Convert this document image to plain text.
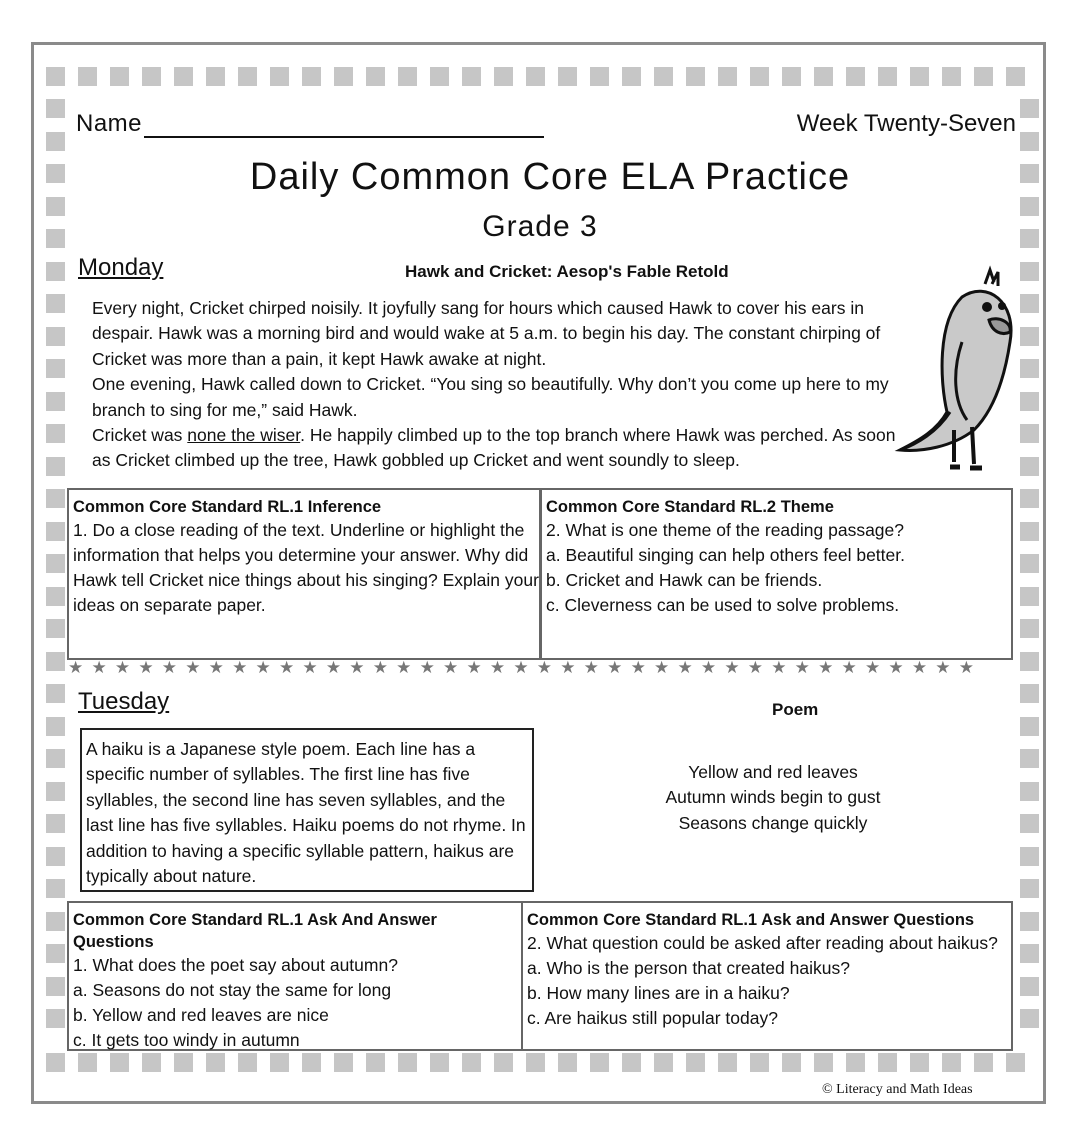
Name	Week Twenty-Seven
Daily Common Core ELA Practice
Grade 3
Monday	Hawk and Cricket: Aesop's Fable Retold

Every night, Cricket chirped noisily. It joyfully sang for hours which caused Hawk to cover his ears in despair. Hawk was a morning bird and would wake at 5 a.m. to begin his day. The constant chirping of Cricket was more than a pain, it kept Hawk awake at night.

One evening, Hawk called down to Cricket. “You sing so beautifully. Why don’t you come up here to my branch to sing for me,” said Hawk.

Cricket was none the wiser. He happily climbed up to the top branch where Hawk was perched. As soon as Cricket climbed up the tree, Hawk gobbled up Cricket and went soundly to sleep.

Common Core Standard RL.1 Inference
1. Do a close reading of the text. Underline or highlight the
information that helps you determine your answer. Why did
Hawk tell Cricket nice things about his singing? Explain your
ideas on separate paper.
Common Core Standard RL.2 Theme
2. What is one theme of the reading passage?
a. Beautiful singing can help others feel better.
b. Cricket and Hawk can be friends.
c. Cleverness can be used to solve problems.
★★★★★★★★★★★★★★★★★★★★★★★★★★★★★★★★★★★★★★★
Tuesday	Poem
A haiku is a Japanese style poem. Each line has a specific number of syllables. The first line has five syllables, the second line has seven syllables, and the last line has five syllables. Haiku poems do not rhyme. In addition to having a specific syllable pattern, haikus are typically about nature.
Yellow and red leaves
Autumn winds begin to gust
Seasons change quickly
Common Core Standard RL.1 Ask And Answer Questions
1. What does the poet say about autumn?
a. Seasons do not stay the same for long
b. Yellow and red leaves are nice
c. It gets too windy in autumn
Common Core Standard RL.1 Ask and Answer Questions
2. What question could be asked after reading about haikus?
a. Who is the person that created haikus?
b. How many lines are in a haiku?
c. Are haikus still popular today?
© Literacy and Math Ideas
